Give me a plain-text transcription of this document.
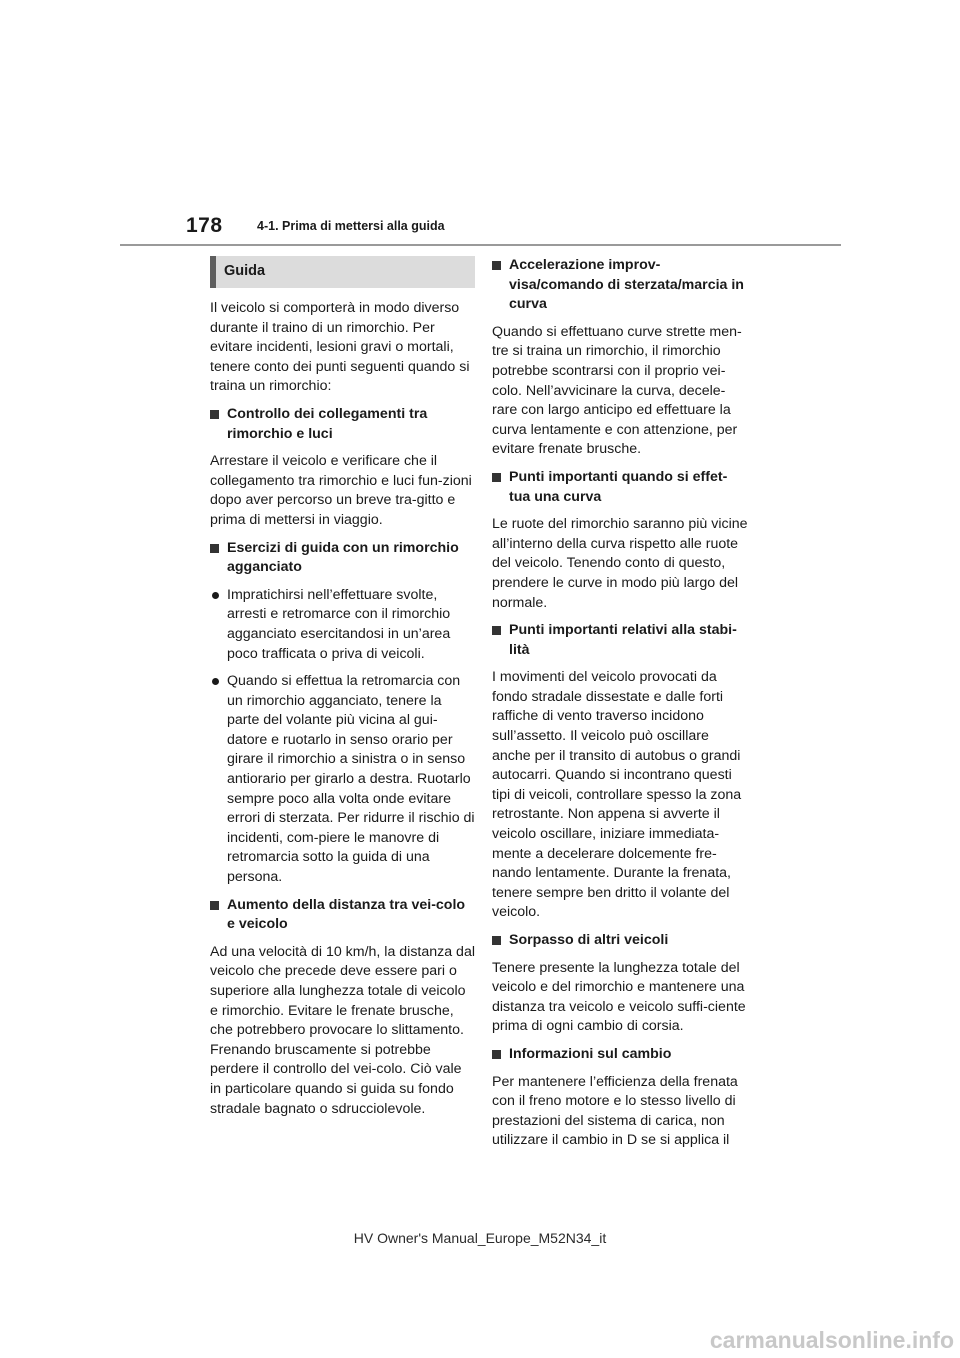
178	4-1. Prima di mettersi alla guida
Guida

Il veicolo si comporterà in modo diverso durante il traino di un rimorchio. Per evitare incidenti, lesioni gravi o mortali, tenere conto dei punti seguenti quando si traina un rimorchio:

Controllo dei collegamenti tra rimorchio e luci

Arrestare il veicolo e verificare che il collegamento tra rimorchio e luci fun-zioni dopo aver percorso un breve tra-gitto e prima di mettersi in viaggio.

Esercizi di guida con un rimorchio agganciato
Impratichirsi nell’effettuare svolte, arresti e retromarce con il rimorchio agganciato esercitandosi in un’area poco trafficata o priva di veicoli.
Quando si effettua la retromarcia con un rimorchio agganciato, tenere la parte del volante più vicina al gui-datore e ruotarlo in senso orario per girare il rimorchio a sinistra o in senso antiorario per girarlo a destra. Ruotarlo sempre poco alla volta onde evitare errori di sterzata. Per ridurre il rischio di incidenti, com-piere le manovre di retromarcia sotto la guida di una persona.
Aumento della distanza tra vei-colo e veicolo

Ad una velocità di 10 km/h, la distanza dal veicolo che precede deve essere pari o superiore alla lunghezza totale di veicolo e rimorchio. Evitare le frenate brusche, che potrebbero provocare lo slittamento. Frenando bruscamente si potrebbe perdere il controllo del vei-colo. Ciò vale in particolare quando si guida su fondo stradale bagnato o sdrucciolevole.

Accelerazione improv-visa/comando di sterzata/marcia in curva

Quando si effettuano curve strette men-tre si traina un rimorchio, il rimorchio potrebbe scontrarsi con il proprio vei-colo. Nell’avvicinare la curva, decele-rare con largo anticipo ed effettuare la curva lentamente e con attenzione, per evitare frenate brusche.

Punti importanti quando si effet-tua una curva

Le ruote del rimorchio saranno più vicine all’interno della curva rispetto alle ruote del veicolo. Tenendo conto di questo, prendere le curve in modo più largo del normale.

Punti importanti relativi alla stabi-lità

I movimenti del veicolo provocati da fondo stradale dissestate e dalle forti raffiche di vento traverso incidono sull’assetto. Il veicolo può oscillare anche per il transito di autobus o grandi autocarri. Quando si incontrano questi tipi di veicoli, controllare spesso la zona retrostante. Non appena si avverte il veicolo oscillare, iniziare immediata-mente a decelerare dolcemente fre-nando lentamente. Durante la frenata, tenere sempre ben dritto il volante del veicolo.

Sorpasso di altri veicoli

Tenere presente la lunghezza totale del veicolo e del rimorchio e mantenere una distanza tra veicolo e veicolo suffi-ciente prima di ogni cambio di corsia.

Informazioni sul cambio

Per mantenere l’efficienza della frenata con il freno motore e lo stesso livello di prestazioni del sistema di carica, non utilizzare il cambio in D se si applica il

HV Owner's Manual_Europe_M52N34_it
carmanualsonline.info
